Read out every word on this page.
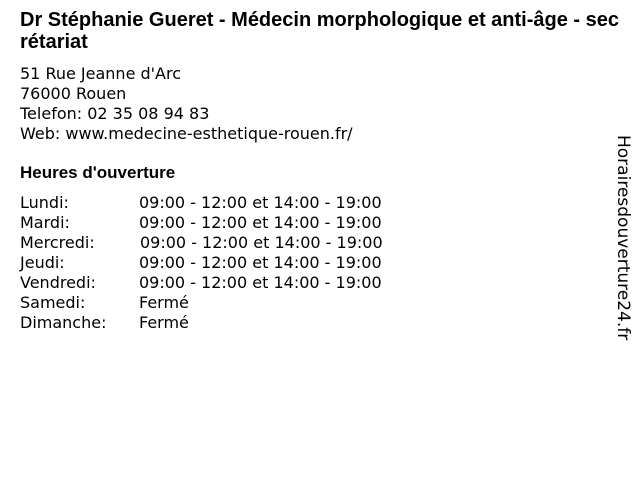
Dr Stéphanie Gueret - Médecin morphologique et anti-âge - secrétariat
51 Rue Jeanne d'Arc
76000 Rouen
Telefon: 02 35 08 94 83
Web: www.medecine-esthetique-rouen.fr/
Heures d'ouverture
Lundi:	09:00 - 12:00 et 14:00 - 19:00
Mardi:	09:00 - 12:00 et 14:00 - 19:00
Mercredi:	09:00 - 12:00 et 14:00 - 19:00
Jeudi:	09:00 - 12:00 et 14:00 - 19:00
Vendredi:	09:00 - 12:00 et 14:00 - 19:00
Samedi:	Fermé
Dimanche: Fermé	Horairesdouverture24.fr
